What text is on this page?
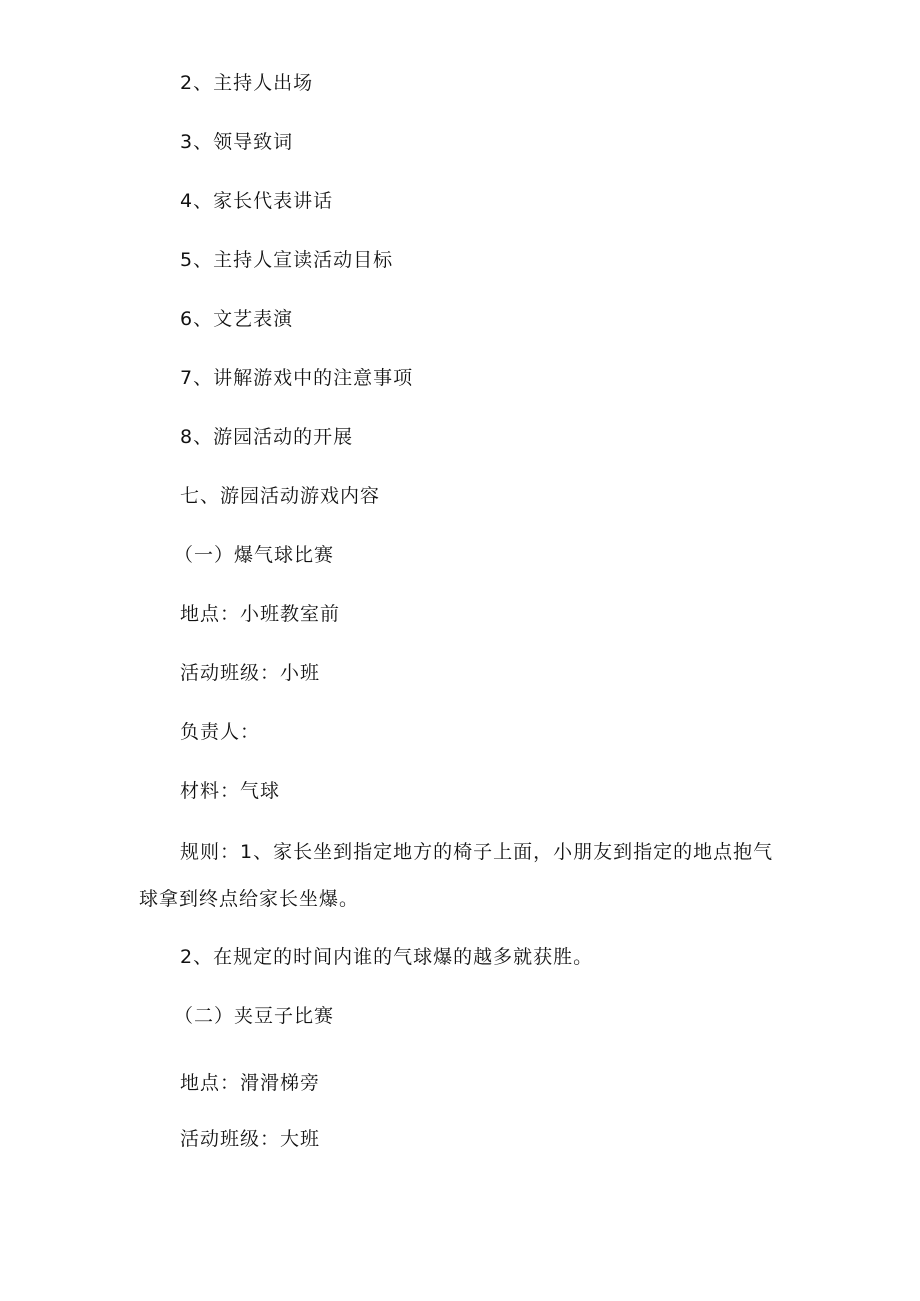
2、主持人出场
3、领导致词
4、家长代表讲话
5、主持人宣读活动目标
6、文艺表演
7、讲解游戏中的注意事项
8、游园活动的开展
七、游园活动游戏内容
（一）爆气球比赛
地点：小班教室前
活动班级：小班
负责人：
材料：气球
规则：1、家长坐到指定地方的椅子上面，小朋友到指定的地点抱气
球拿到终点给家长坐爆。
2、在规定的时间内谁的气球爆的越多就获胜。
（二）夹豆子比赛
地点：滑滑梯旁
活动班级：大班
